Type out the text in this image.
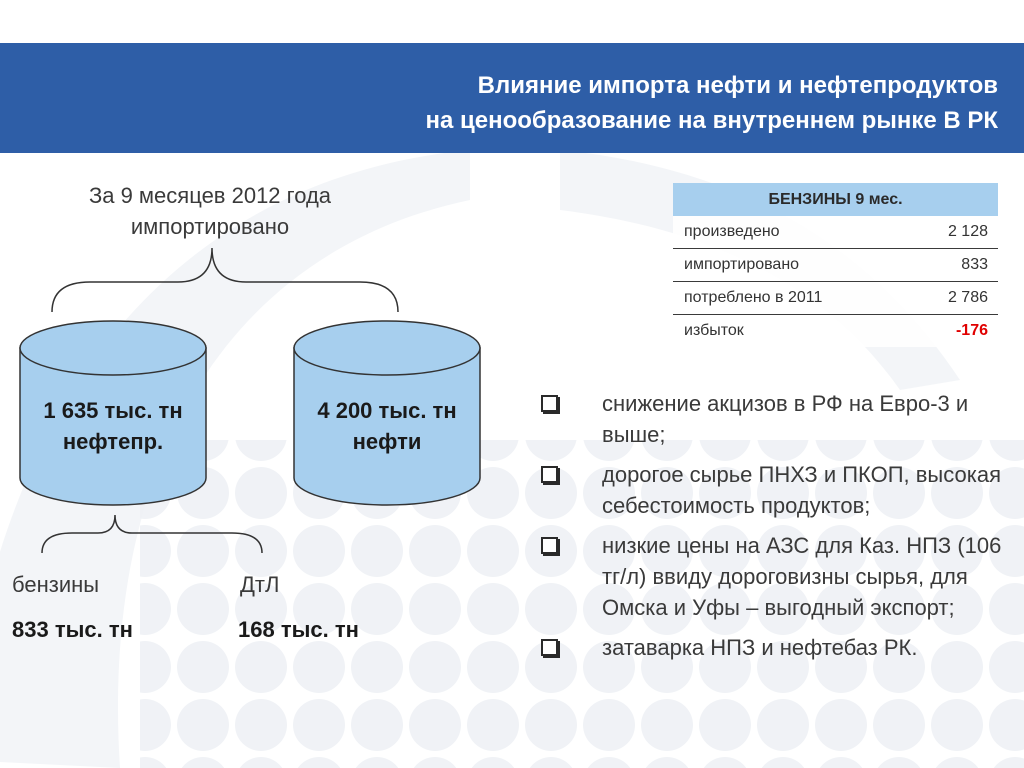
Влияние импорта нефти и нефтепродуктов
на ценообразование на внутреннем рынке В РК
За 9 месяцев 2012 года
импортировано
1 635 тыс. тн
нефтепр.
4 200 тыс. тн
нефти
бензины
833 тыс. тн
ДтЛ
168 тыс. тн
БЕНЗИНЫ 9 мес.
произведено	2 128
импортировано	833
потреблено в 2011	2 786
избыток	-176
снижение акцизов в РФ на Евро-3 и выше;
дорогое сырье ПНХЗ и ПКОП, высокая себестоимость продуктов;
низкие цены на АЗС для Каз. НПЗ (106 тг/л) ввиду дороговизны сырья, для Омска и Уфы – выгодный экспорт;
затаварка НПЗ и нефтебаз РК.
